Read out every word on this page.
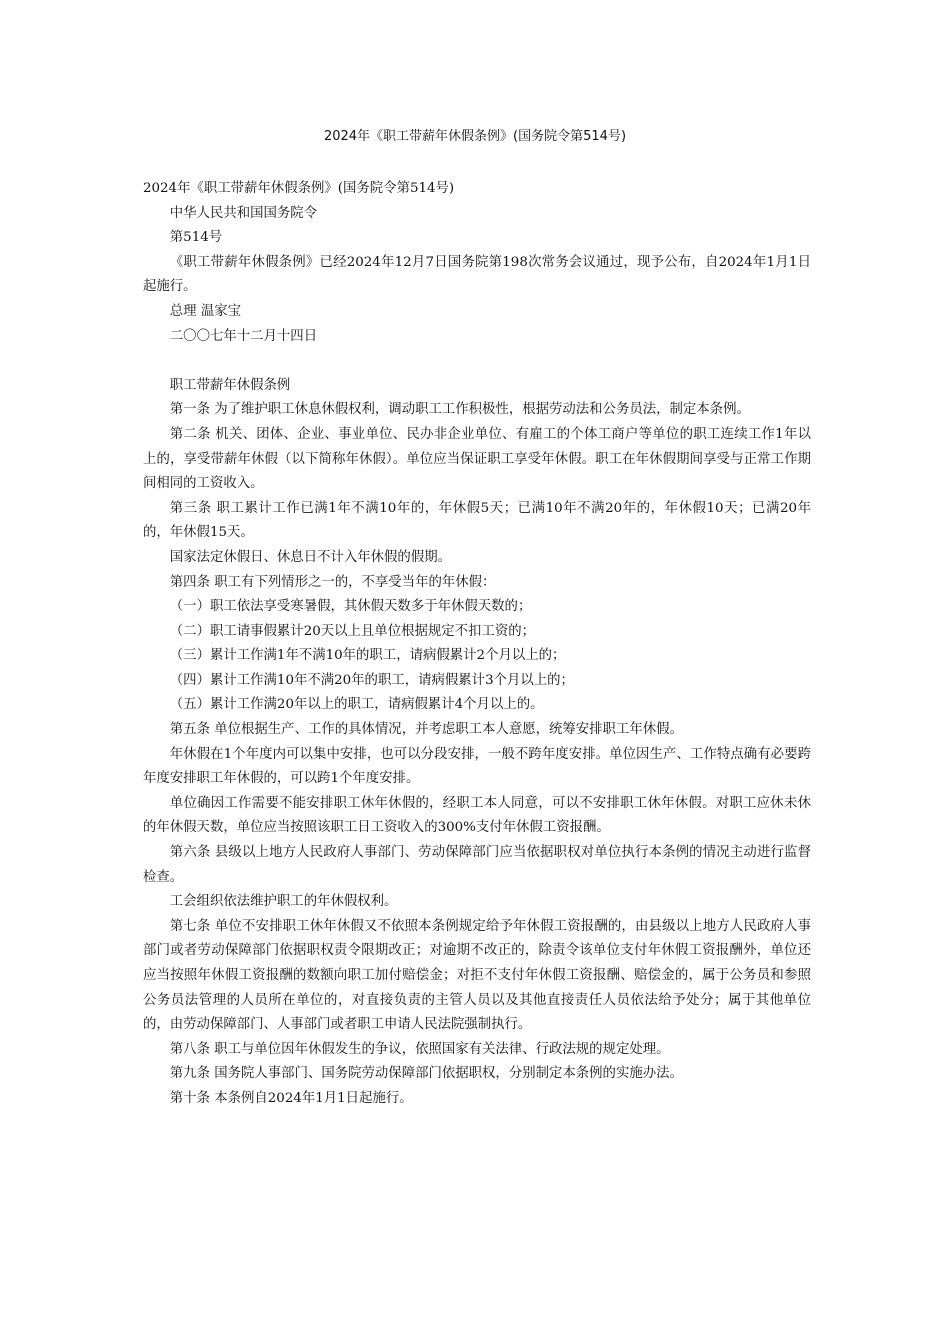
2024年《职工带薪年休假条例》(国务院令第514号)

2024年《职工带薪年休假条例》(国务院令第514号)

中华人民共和国国务院令

第514号

《职工带薪年休假条例》已经2024年12月7日国务院第198次常务会议通过，现予公布，自2024年1月1日起施行。

总理 温家宝

二〇〇七年十二月十四日

职工带薪年休假条例

第一条 为了维护职工休息休假权利，调动职工工作积极性，根据劳动法和公务员法，制定本条例。

第二条 机关、团体、企业、事业单位、民办非企业单位、有雇工的个体工商户等单位的职工连续工作1年以上的，享受带薪年休假（以下简称年休假）。单位应当保证职工享受年休假。职工在年休假期间享受与正常工作期间相同的工资收入。

第三条 职工累计工作已满1年不满10年的，年休假5天；已满10年不满20年的，年休假10天；已满20年的，年休假15天。

国家法定休假日、休息日不计入年休假的假期。

第四条 职工有下列情形之一的，不享受当年的年休假：

（一）职工依法享受寒暑假，其休假天数多于年休假天数的；

（二）职工请事假累计20天以上且单位根据规定不扣工资的；

（三）累计工作满1年不满10年的职工，请病假累计2个月以上的；

（四）累计工作满10年不满20年的职工，请病假累计3个月以上的；

（五）累计工作满20年以上的职工，请病假累计4个月以上的。

第五条 单位根据生产、工作的具体情况，并考虑职工本人意愿，统筹安排职工年休假。

年休假在1个年度内可以集中安排，也可以分段安排，一般不跨年度安排。单位因生产、工作特点确有必要跨年度安排职工年休假的，可以跨1个年度安排。

单位确因工作需要不能安排职工休年休假的，经职工本人同意，可以不安排职工休年休假。对职工应休未休的年休假天数，单位应当按照该职工日工资收入的300%支付年休假工资报酬。

第六条 县级以上地方人民政府人事部门、劳动保障部门应当依据职权对单位执行本条例的情况主动进行监督检查。

工会组织依法维护职工的年休假权利。

第七条 单位不安排职工休年休假又不依照本条例规定给予年休假工资报酬的，由县级以上地方人民政府人事部门或者劳动保障部门依据职权责令限期改正；对逾期不改正的，除责令该单位支付年休假工资报酬外，单位还应当按照年休假工资报酬的数额向职工加付赔偿金；对拒不支付年休假工资报酬、赔偿金的，属于公务员和参照公务员法管理的人员所在单位的，对直接负责的主管人员以及其他直接责任人员依法给予处分；属于其他单位的，由劳动保障部门、人事部门或者职工申请人民法院强制执行。

第八条 职工与单位因年休假发生的争议，依照国家有关法律、行政法规的规定处理。

第九条 国务院人事部门、国务院劳动保障部门依据职权，分别制定本条例的实施办法。

第十条 本条例自2024年1月1日起施行。
